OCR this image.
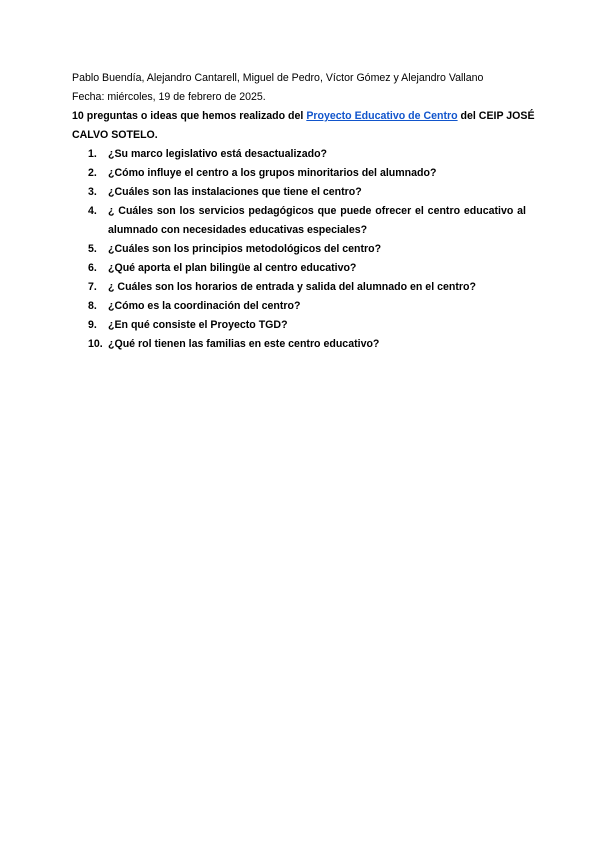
Pablo Buendía, Alejandro Cantarell, Miguel de Pedro, Víctor Gómez y Alejandro Vallano

Fecha: miércoles, 19 de febrero de 2025.

10 preguntas o ideas que hemos realizado del Proyecto Educativo de Centro del CEIP JOSÉ CALVO SOTELO.

1.	¿Su marco legislativo está desactualizado?
2.	¿Cómo influye el centro a los grupos minoritarios del alumnado?
3.	¿Cuáles son las instalaciones que tiene el centro?
4.	¿ Cuáles son los servicios pedagógicos que puede ofrecer el centro educativo al alumnado con necesidades educativas especiales?
5.	¿Cuáles son los principios metodológicos del centro?
6.	¿Qué aporta el plan bilingüe al centro educativo?
7.	¿ Cuáles son los horarios de entrada y salida del alumnado en el centro?
8.	¿Cómo es la coordinación del centro?
9.	¿En qué consiste el Proyecto TGD?
10. ¿Qué rol tienen las familias en este centro educativo?
